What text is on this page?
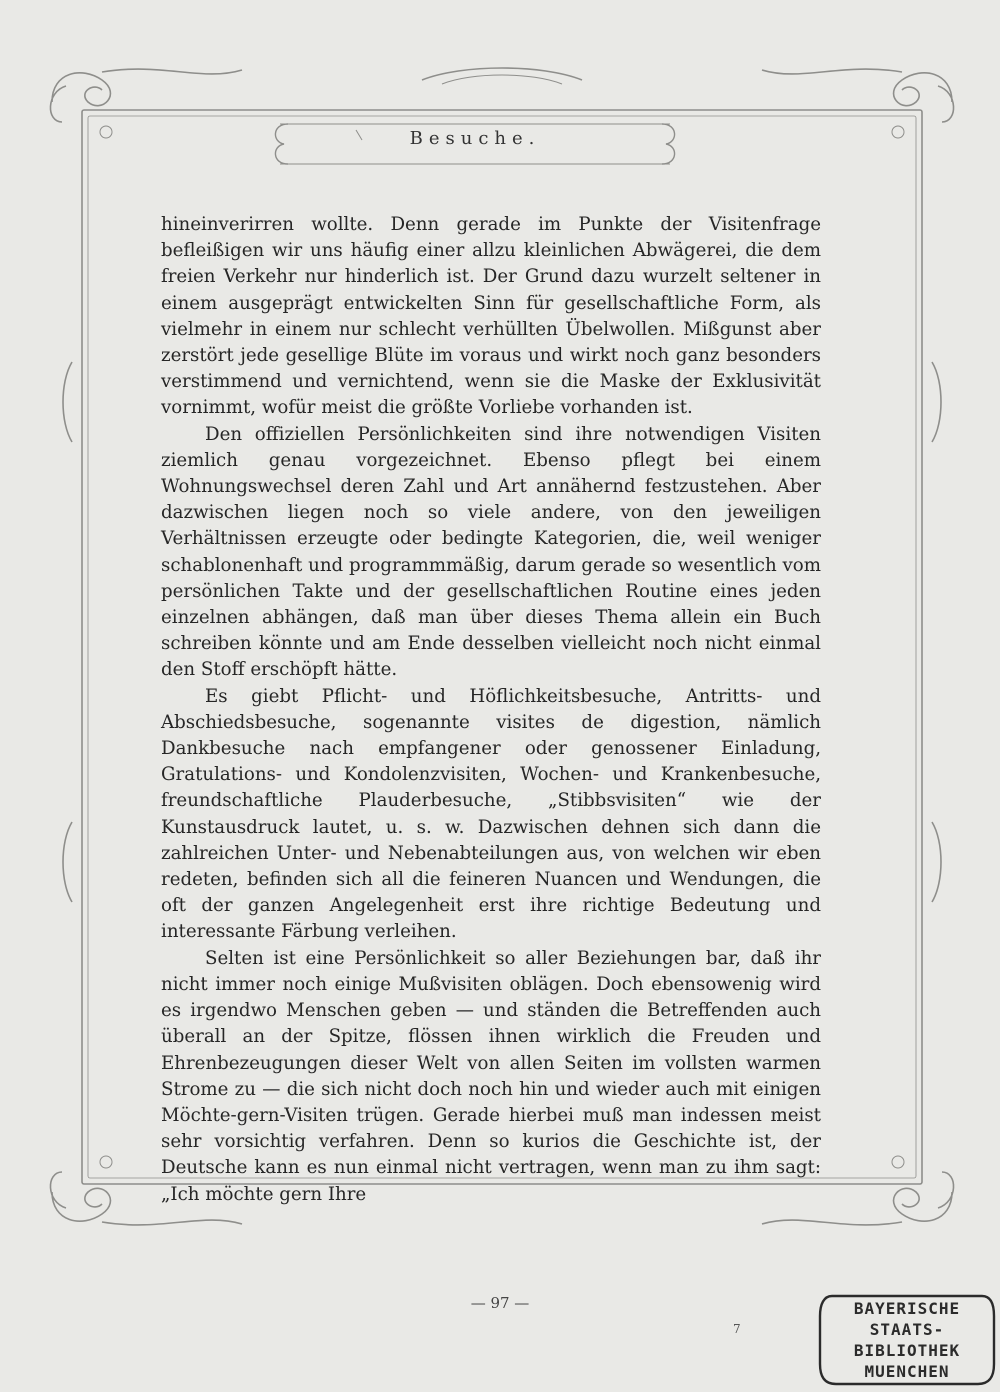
Besuche.

hineinverirren wollte. Denn gerade im Punkte der Visitenfrage befleißigen wir uns häufig einer allzu kleinlichen Abwägerei, die dem freien Verkehr nur hinderlich ist. Der Grund dazu wurzelt seltener in einem ausgeprägt entwickelten Sinn für gesellschaftliche Form, als vielmehr in einem nur schlecht verhüllten Übelwollen. Mißgunst aber zerstört jede gesellige Blüte im voraus und wirkt noch ganz besonders verstimmend und vernichtend, wenn sie die Maske der Exklusivität vornimmt, wofür meist die größte Vorliebe vorhanden ist.

Den offiziellen Persönlichkeiten sind ihre notwendigen Visiten ziemlich genau vorgezeichnet. Ebenso pflegt bei einem Wohnungswechsel deren Zahl und Art annähernd festzustehen. Aber dazwischen liegen noch so viele andere, von den jeweiligen Verhältnissen erzeugte oder bedingte Kategorien, die, weil weniger schablonenhaft und programmmäßig, darum gerade so wesentlich vom persönlichen Takte und der gesellschaftlichen Routine eines jeden einzelnen abhängen, daß man über dieses Thema allein ein Buch schreiben könnte und am Ende desselben vielleicht noch nicht einmal den Stoff erschöpft hätte.

Es giebt Pflicht- und Höflichkeitsbesuche, Antritts- und Abschiedsbesuche, sogenannte visites de digestion, nämlich Dankbesuche nach empfangener oder genossener Einladung, Gratulations- und Kondolenzvisiten, Wochen- und Krankenbesuche, freundschaftliche Plauderbesuche, „Stibbsvisiten“ wie der Kunstausdruck lautet, u. s. w. Dazwischen dehnen sich dann die zahlreichen Unter- und Nebenabteilungen aus, von welchen wir eben redeten, befinden sich all die feineren Nuancen und Wendungen, die oft der ganzen Angelegenheit erst ihre richtige Bedeutung und interessante Färbung verleihen.

Selten ist eine Persönlichkeit so aller Beziehungen bar, daß ihr nicht immer noch einige Mußvisiten oblägen. Doch ebensowenig wird es irgendwo Menschen geben — und ständen die Betreffenden auch überall an der Spitze, flössen ihnen wirklich die Freuden und Ehrenbezeugungen dieser Welt von allen Seiten im vollsten warmen Strome zu — die sich nicht doch noch hin und wieder auch mit einigen Möchte-gern-Visiten trügen. Gerade hierbei muß man indessen meist sehr vorsichtig verfahren. Denn so kurios die Geschichte ist, der Deutsche kann es nun einmal nicht vertragen, wenn man zu ihm sagt: „Ich möchte gern Ihre

— 97 —
7
BAYERISCHE
STAATS-
BIBLIOTHEK
MUENCHEN
